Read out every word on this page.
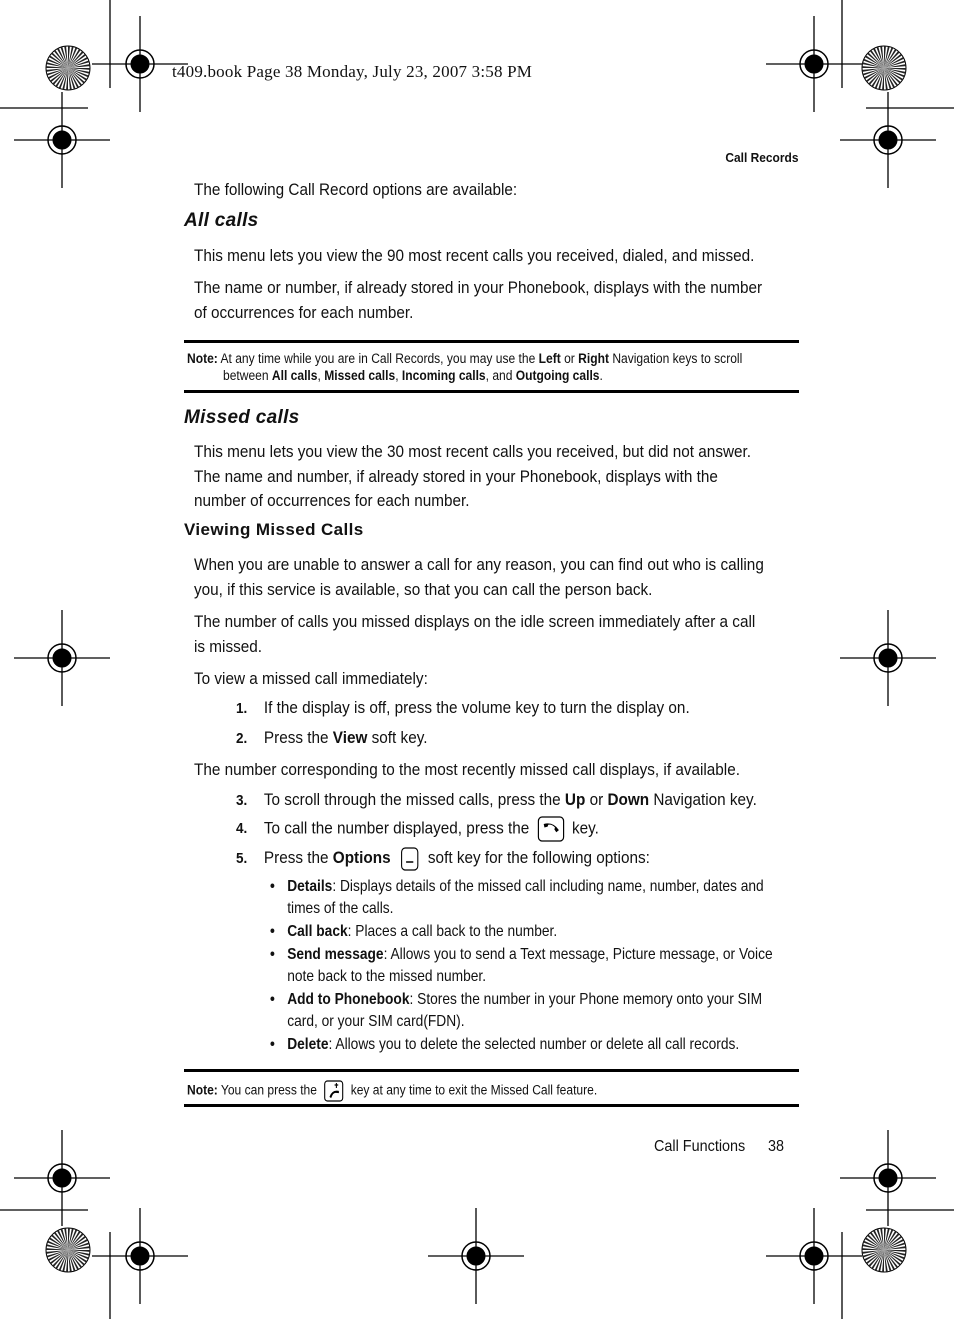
t409.book Page 38 Monday, July 23, 2007 3:58 PM
Call Records
The following Call Record options are available:
All calls
This menu lets you view the 90 most recent calls you received, dialed, and missed.
The name or number, if already stored in your Phonebook, displays with the number
of occurrences for each number.
Note: At any time while you are in Call Records, you may use the Left or Right Navigation keys to scroll
between All calls, Missed calls, Incoming calls, and Outgoing calls.
Missed calls
This menu lets you view the 30 most recent calls you received, but did not answer.
The name and number, if already stored in your Phonebook, displays with the
number of occurrences for each number.
Viewing Missed Calls
When you are unable to answer a call for any reason, you can find out who is calling
you, if this service is available, so that you can call the person back.
The number of calls you missed displays on the idle screen immediately after a call
is missed.
To view a missed call immediately:
1. If the display is off, press the volume key to turn the display on.
2. Press the View soft key.
The number corresponding to the most recently missed call displays, if available.
3. To scroll through the missed calls, press the Up or Down Navigation key.
4. To call the number displayed, press the	key.
5. Press the Options soft key for the following options:
• Details: Displays details of the missed call including name, number, dates and
times of the calls.
• Call back: Places a call back to the number.
• Send message: Allows you to send a Text message, Picture message, or Voice
note back to the missed number.
• Add to Phonebook: Stores the number in your Phone memory onto your SIM
card, or your SIM card(FDN).
• Delete: Allows you to delete the selected number or delete all call records.
Note: You can press the	key at any time to exit the Missed Call feature.
Call Functions 38
